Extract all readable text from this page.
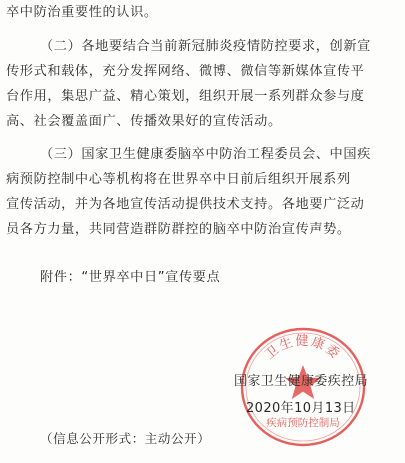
卒中防治重要性的认识。
（二）各地要结合当前新冠肺炎疫情防控要求，创新宣
传形式和载体，充分发挥网络、微博、微信等新媒体宣传平
台作用，集思广益、精心策划，组织开展一系列群众参与度
高、社会覆盖面广、传播效果好的宣传活动。
（三）国家卫生健康委脑卒中防治工程委员会、中国疾
病预防控制中心等机构将在世界卒中日前后组织开展系列
宣传活动，并为各地宣传活动提供技术支持。各地要广泛动
员各方力量，共同营造群防群控的脑卒中防治宣传声势。
附件：“世界卒中日”宣传要点
卫生健康委
疾病预防控制局
国家卫生健康委疾控局
2020年10月13日
（信息公开形式：主动公开）
